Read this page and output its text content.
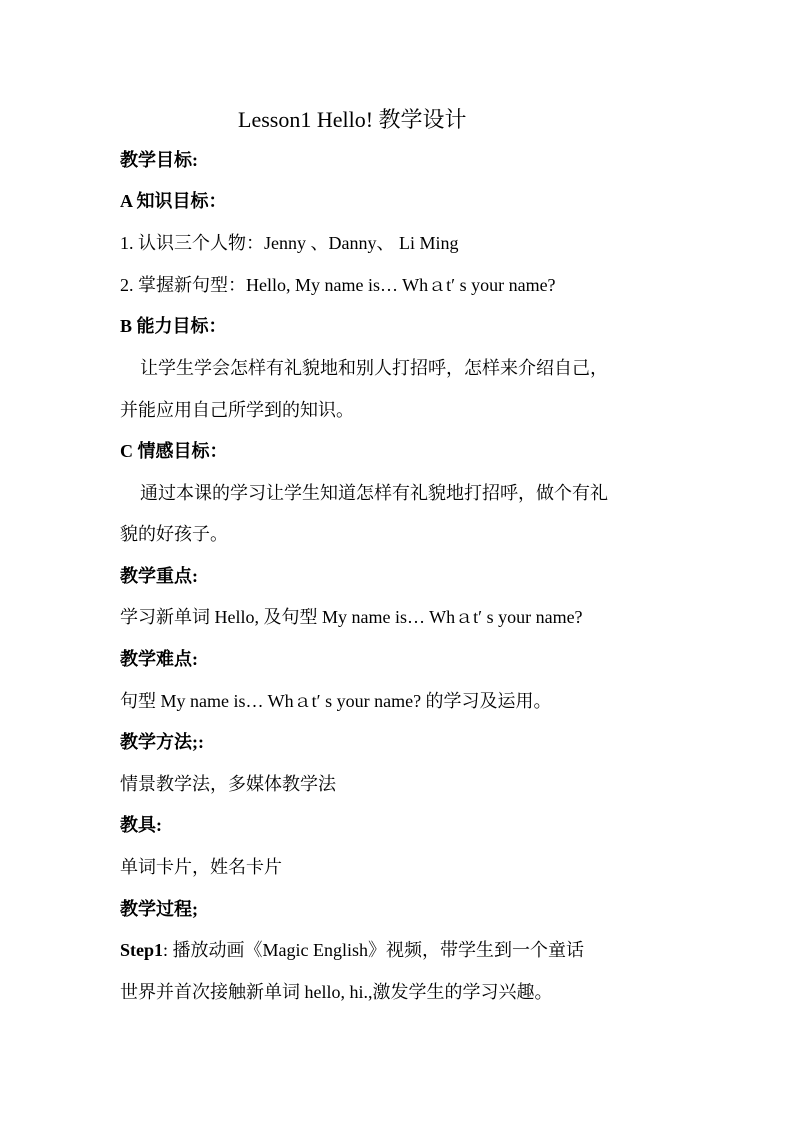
Lesson1 Hello! 教学设计
教学目标:
A 知识目标：
1. 认识三个人物：Jenny 、Danny、 Li Ming
2. 掌握新句型：Hello, My name is… Whａt′ s your name?
B 能力目标：
让学生学会怎样有礼貌地和别人打招呼，怎样来介绍自己，
并能应用自己所学到的知识。
C 情感目标：
通过本课的学习让学生知道怎样有礼貌地打招呼，做个有礼
貌的好孩子。
教学重点:
学习新单词 Hello, 及句型 My name is… Whａt′ s your name?
教学难点:
句型 My name is… Whａt′ s your name? 的学习及运用。
教学方法;:
情景教学法，多媒体教学法
教具:
单词卡片，姓名卡片
教学过程;
Step1: 播放动画《Magic English》视频，带学生到一个童话
世界并首次接触新单词 hello, hi.,激发学生的学习兴趣。
